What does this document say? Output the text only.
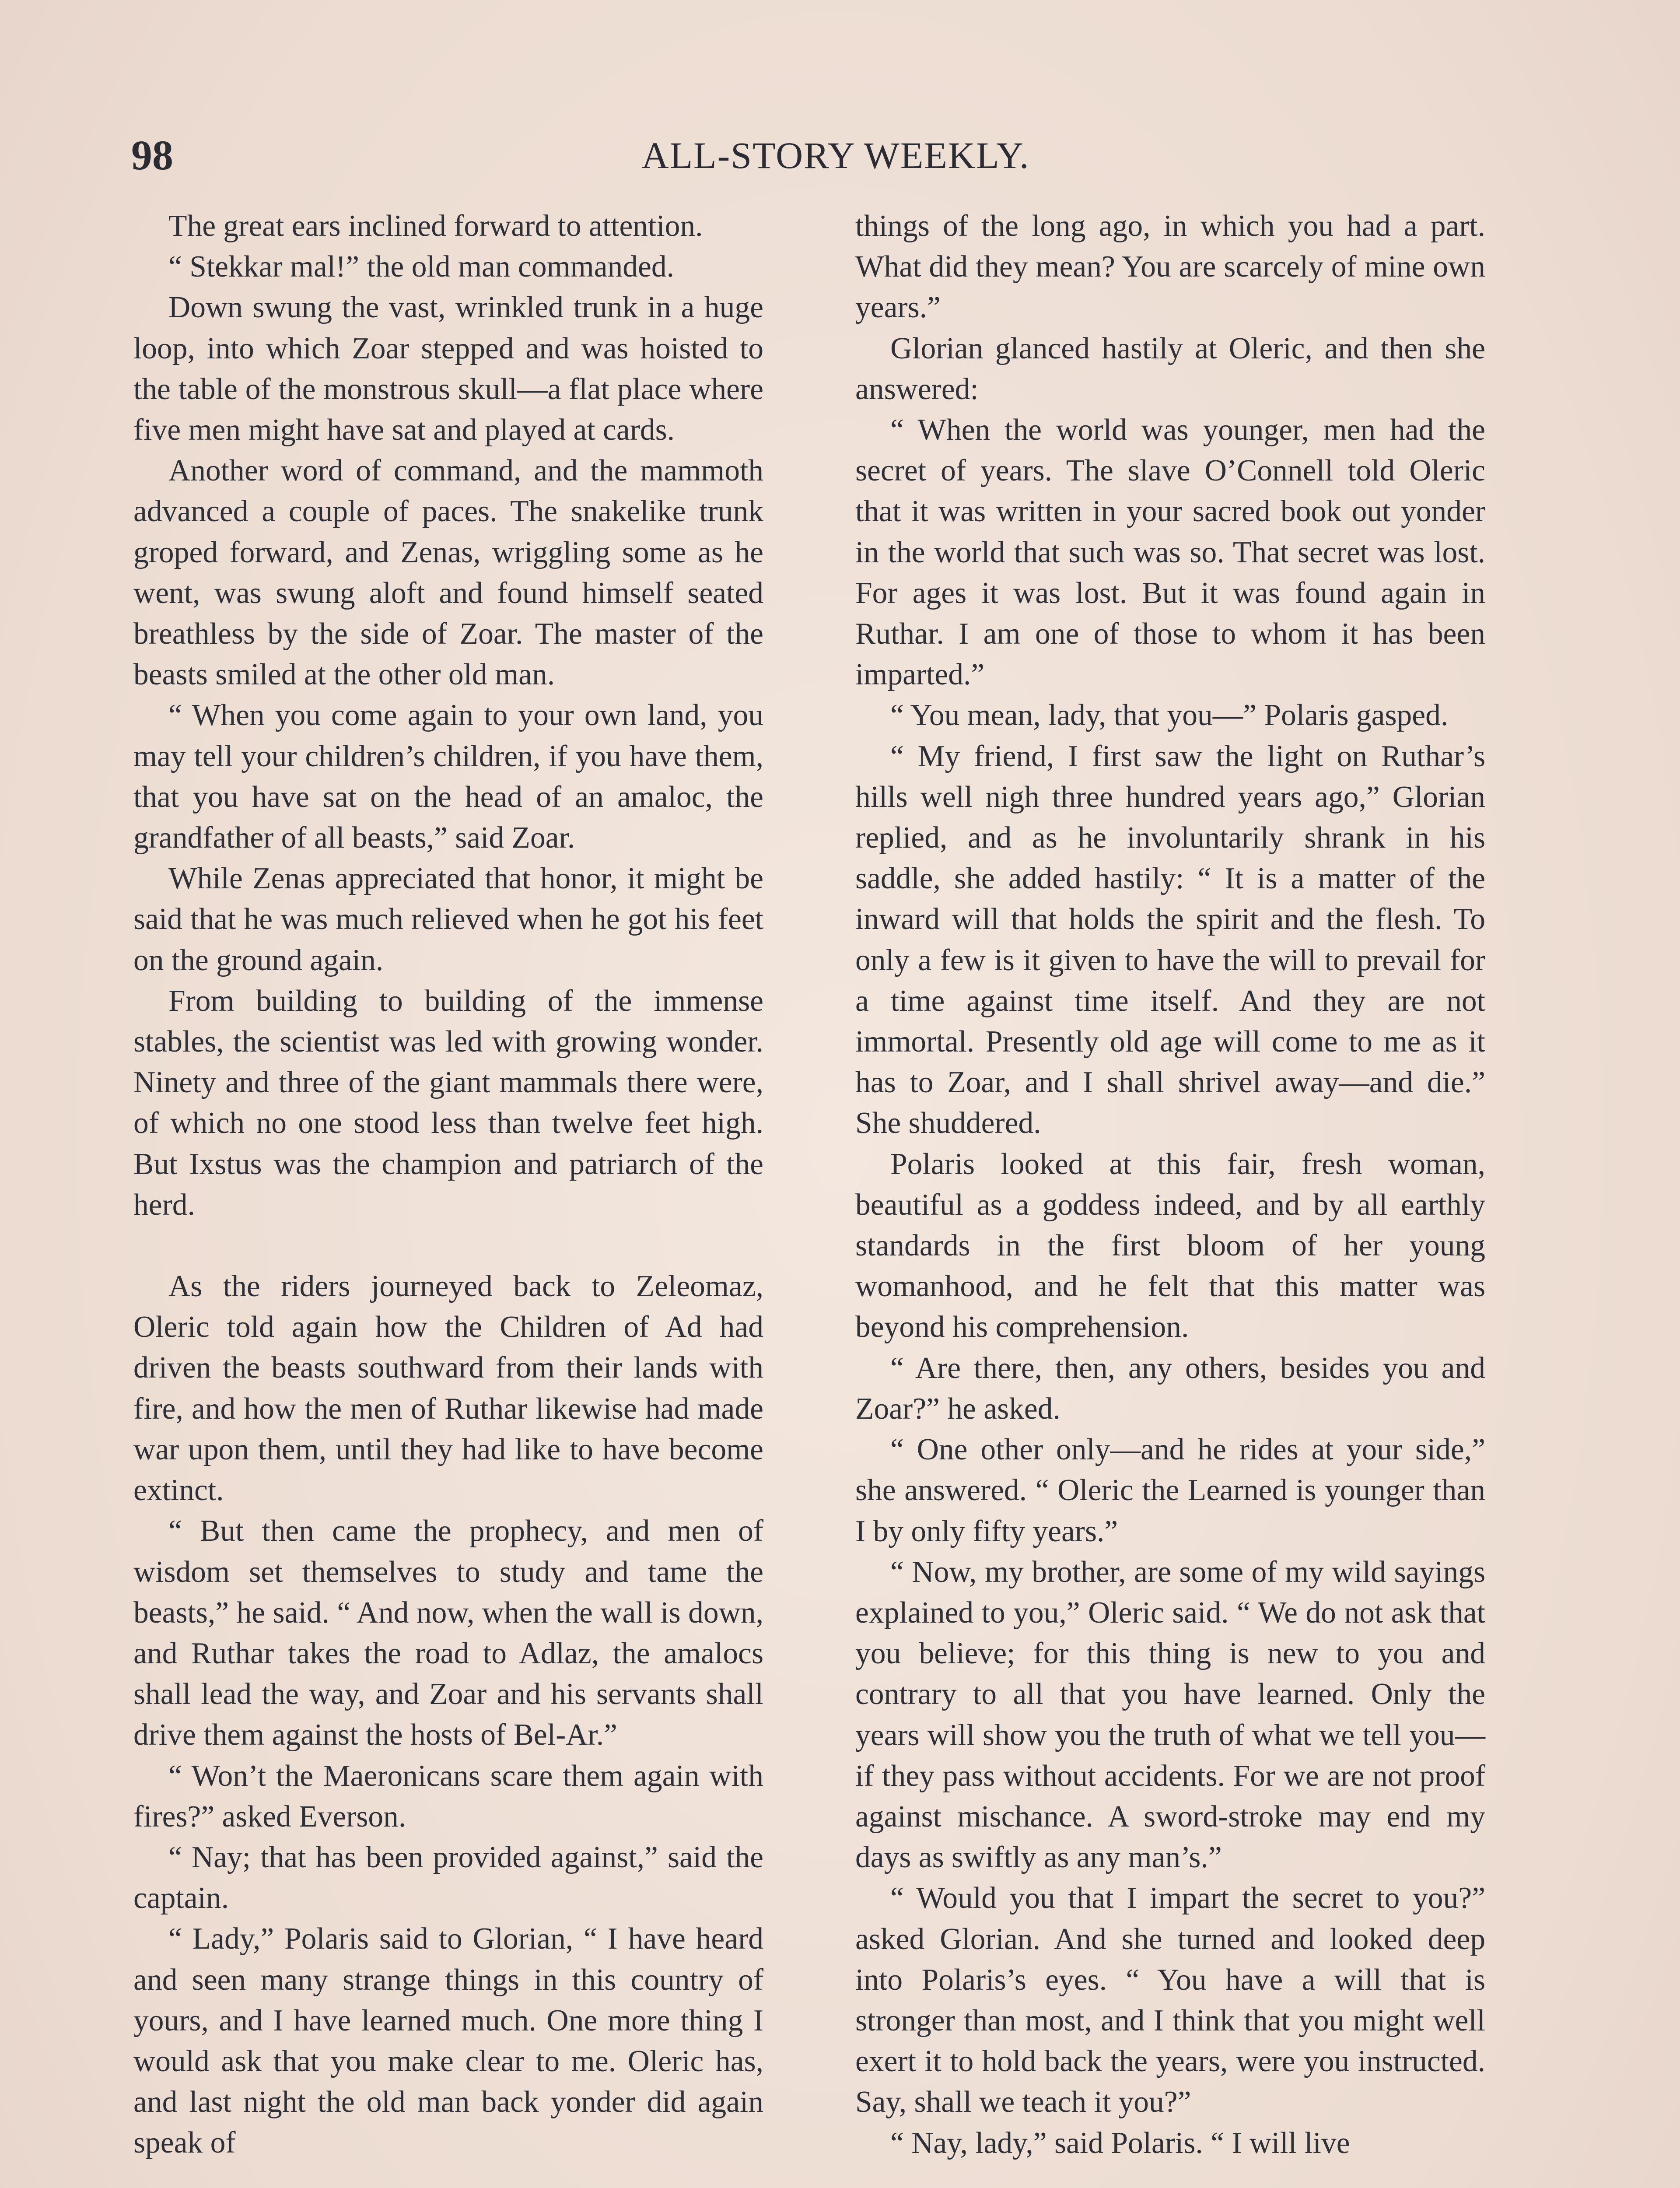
98	ALL-STORY WEEKLY.

The great ears inclined forward to attention.

“ Stekkar mal!” the old man commanded.

Down swung the vast, wrinkled trunk in a huge loop, into which Zoar stepped and was hoisted to the table of the monstrous skull—a flat place where five men might have sat and played at cards.

Another word of command, and the mammoth advanced a couple of paces. The snakelike trunk groped forward, and Zenas, wriggling some as he went, was swung aloft and found himself seated breathless by the side of Zoar. The master of the beasts smiled at the other old man.

“ When you come again to your own land, you may tell your children’s children, if you have them, that you have sat on the head of an amaloc, the grandfather of all beasts,” said Zoar.

While Zenas appreciated that honor, it might be said that he was much relieved when he got his feet on the ground again.

From building to building of the immense stables, the scientist was led with growing wonder. Ninety and three of the giant mammals there were, of which no one stood less than twelve feet high. But Ixstus was the champion and patriarch of the herd.

As the riders journeyed back to Zeleomaz, Oleric told again how the Children of Ad had driven the beasts southward from their lands with fire, and how the men of Ruthar likewise had made war upon them, until they had like to have become extinct.

“ But then came the prophecy, and men of wisdom set themselves to study and tame the beasts,” he said. “ And now, when the wall is down, and Ruthar takes the road to Adlaz, the amalocs shall lead the way, and Zoar and his servants shall drive them against the hosts of Bel-Ar.”

“ Won’t the Maeronicans scare them again with fires?” asked Everson.

“ Nay; that has been provided against,” said the captain.

“ Lady,” Polaris said to Glorian, “ I have heard and seen many strange things in this country of yours, and I have learned much. One more thing I would ask that you make clear to me. Oleric has, and last night the old man back yonder did again speak of

things of the long ago, in which you had a part. What did they mean? You are scarcely of mine own years.”

Glorian glanced hastily at Oleric, and then she answered:

“ When the world was younger, men had the secret of years. The slave O’Connell told Oleric that it was written in your sacred book out yonder in the world that such was so. That secret was lost. For ages it was lost. But it was found again in Ruthar. I am one of those to whom it has been imparted.”

“ You mean, lady, that you—” Polaris gasped.

“ My friend, I first saw the light on Ruthar’s hills well nigh three hundred years ago,” Glorian replied, and as he involuntarily shrank in his saddle, she added hastily: “ It is a matter of the inward will that holds the spirit and the flesh. To only a few is it given to have the will to prevail for a time against time itself. And they are not immortal. Presently old age will come to me as it has to Zoar, and I shall shrivel away—and die.” She shuddered.

Polaris looked at this fair, fresh woman, beautiful as a goddess indeed, and by all earthly standards in the first bloom of her young womanhood, and he felt that this matter was beyond his comprehension.

“ Are there, then, any others, besides you and Zoar?” he asked.

“ One other only—and he rides at your side,” she answered. “ Oleric the Learned is younger than I by only fifty years.”

“ Now, my brother, are some of my wild sayings explained to you,” Oleric said. “ We do not ask that you believe; for this thing is new to you and contrary to all that you have learned. Only the years will show you the truth of what we tell you—if they pass without accidents. For we are not proof against mischance. A sword-stroke may end my days as swiftly as any man’s.”

“ Would you that I impart the secret to you?” asked Glorian. And she turned and looked deep into Polaris’s eyes. “ You have a will that is stronger than most, and I think that you might well exert it to hold back the years, were you instructed. Say, shall we teach it you?”

“ Nay, lady,” said Polaris. “ I will live
